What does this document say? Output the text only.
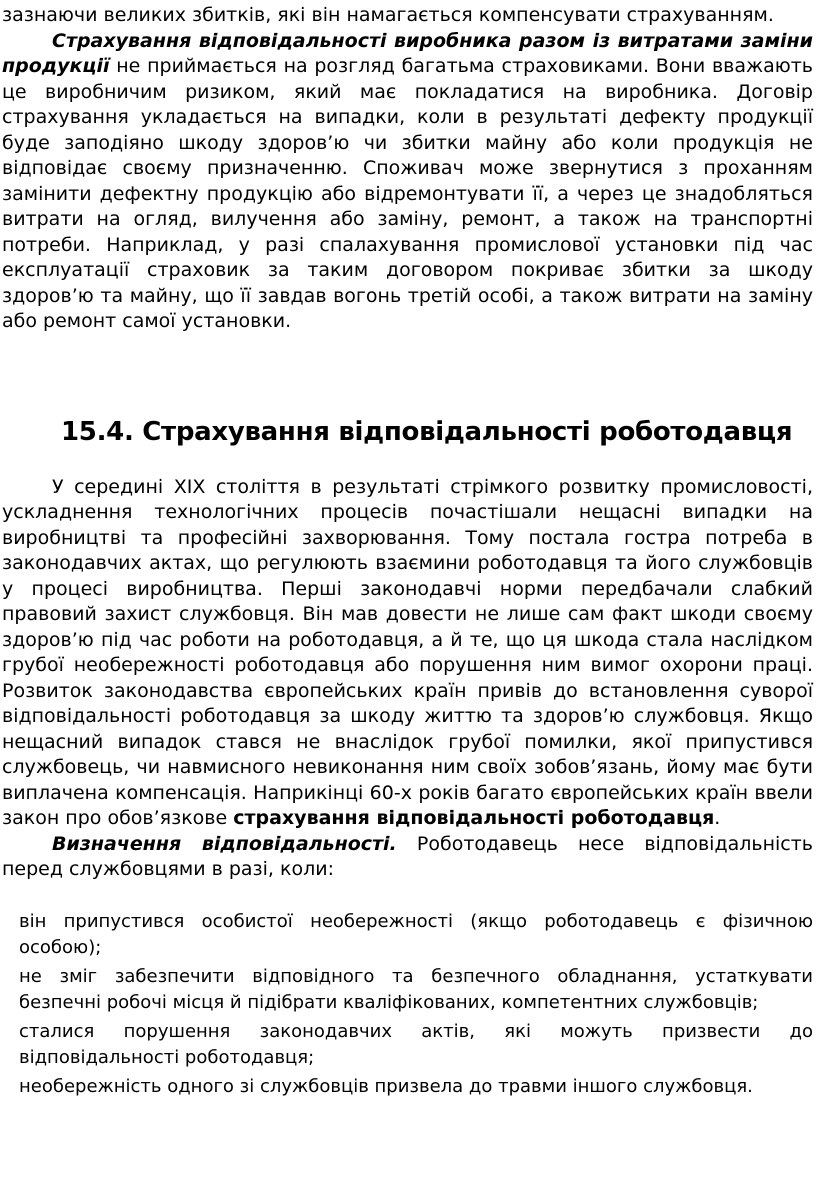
зазнаючи великих збитків, які він намагається компенсувати страхуванням.

Страхування відповідальності виробника разом із витратами заміни продукції не приймається на розгляд багатьма страховиками. Вони вважають це виробничим ризиком, який має покладатися на виробника. Договір страхування укладається на випадки, коли в результаті дефекту продукції буде заподіяно шкоду здоров’ю чи збитки майну або коли продукція не відповідає своєму призначенню. Споживач може звернутися з проханням замінити дефектну продукцію або відремонтувати її, а через це знадобляться витрати на огляд, вилучення або заміну, ремонт, а також на транспортні потреби. Наприклад, у разі спалахування промислової установки під час експлуатації страховик за таким договором покриває збитки за шкоду здоров’ю та майну, що її завдав вогонь третій особі, а також витрати на заміну або ремонт самої установки.

15.4. Страхування відповідальності роботодавця

У середині XIX століття в результаті стрімкого розвитку промисловості, ускладнення технологічних процесів почастішали нещасні випадки на виробництві та професійні захворювання. Тому постала гостра потреба в законодавчих актах, що регулюють взаємини роботодавця та його службовців у процесі виробництва. Перші законодавчі норми передбачали слабкий правовий захист службовця. Він мав довести не лише сам факт шкоди своєму здоров’ю під час роботи на роботодавця, а й те, що ця шкода стала наслідком грубої необережності роботодавця або порушення ним вимог охорони праці. Розвиток законодавства європейських країн привів до встановлення суворої відповідальності роботодавця за шкоду життю та здоров’ю службовця. Якщо нещасний випадок стався не внаслідок грубої помилки, якої припустився службовець, чи навмисного невиконання ним своїх зобов’язань, йому має бути виплачена компенсація. Наприкінці 60-х років багато європейських країн ввели закон про обов’язкове страхування відповідальності роботодавця.

Визначення відповідальності. Роботодавець несе відповідальність перед службовцями в разі, коли:

він припустився особистої необережності (якщо роботодавець є фізичною особою);
не зміг забезпечити відповідного та безпечного обладнання, устаткувати безпечні робочі місця й підібрати кваліфікованих, компетентних службовців;
сталися порушення законодавчих актів, які можуть призвести до відповідальності роботодавця;
необережність одного зі службовців призвела до травми іншого службовця.
